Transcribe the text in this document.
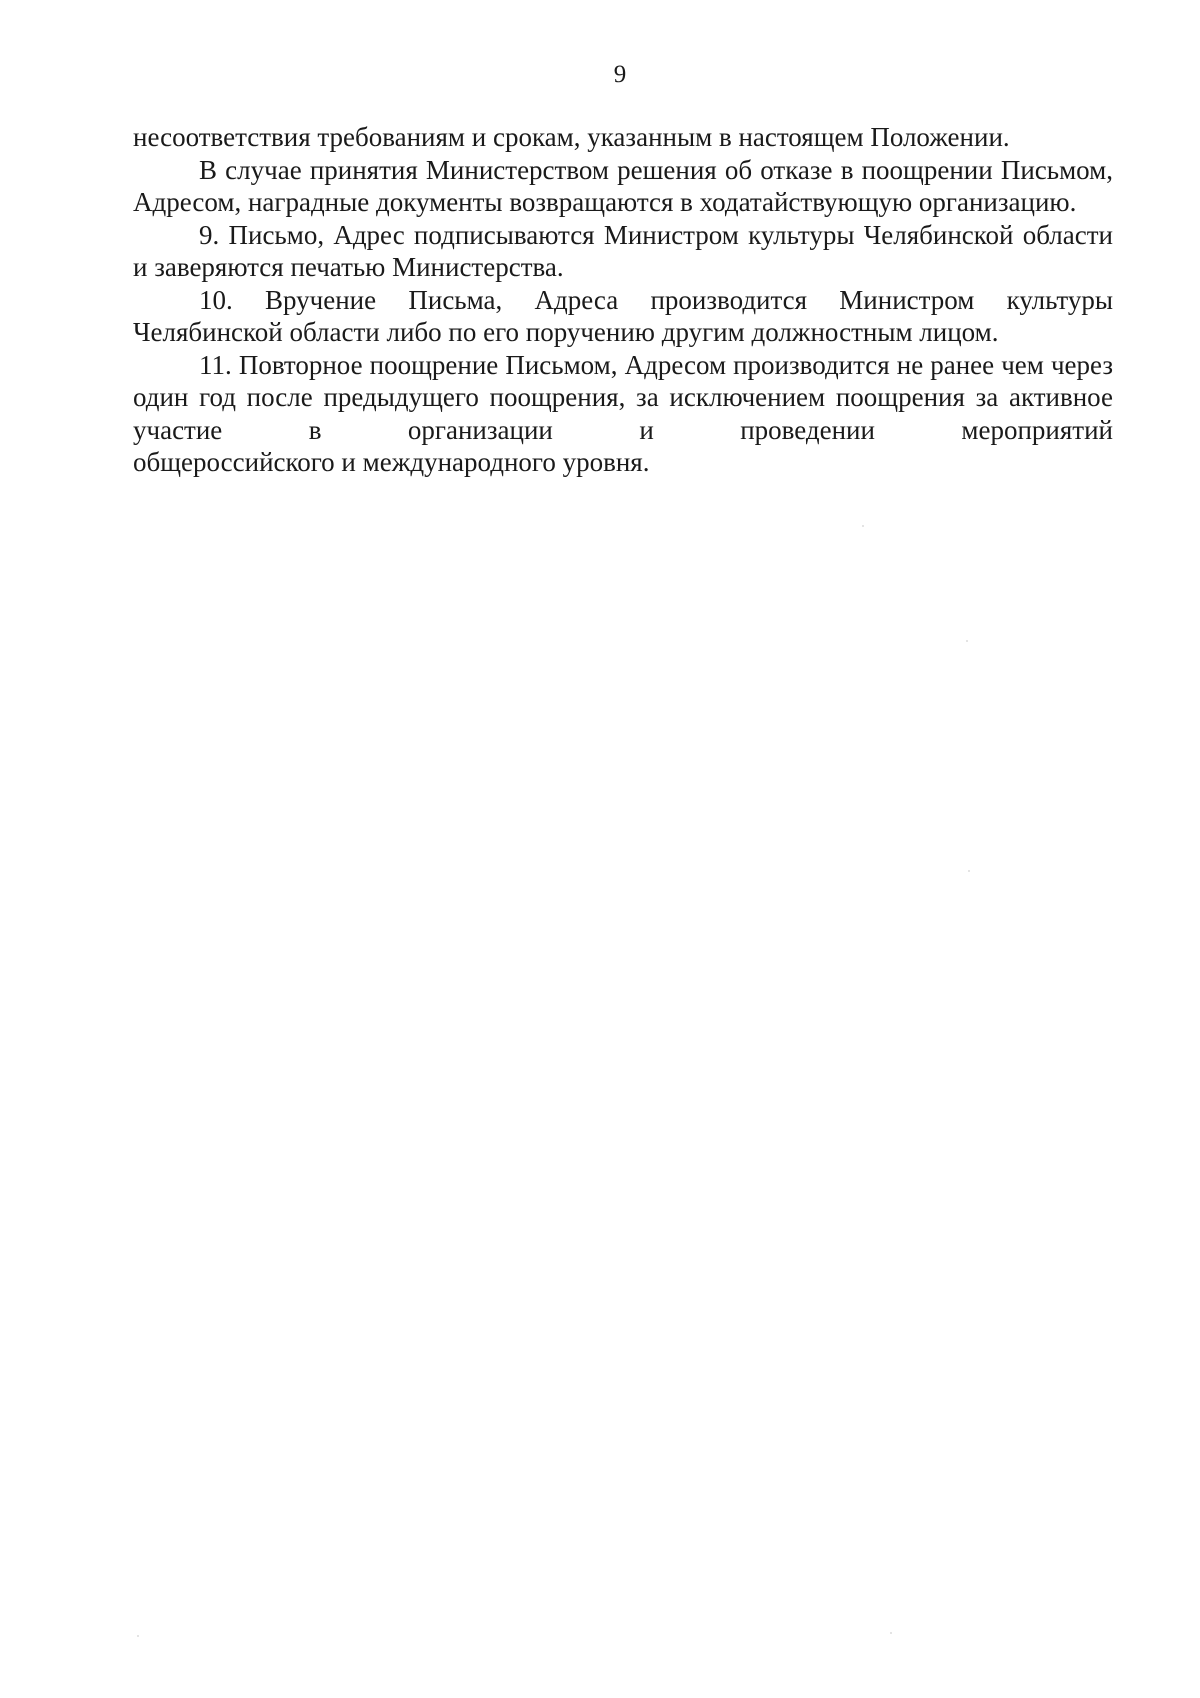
9

несоответствия требованиям и срокам, указанным в настоящем Положении.

В случае принятия Министерством решения об отказе в поощрении Письмом, Адресом, наградные документы возвращаются в ходатайствующую организацию.

9. Письмо, Адрес подписываются Министром культуры Челябинской области и заверяются печатью Министерства.

10. Вручение Письма, Адреса производится Министром культуры Челябинской области либо по его поручению другим должностным лицом.

11. Повторное поощрение Письмом, Адресом производится не ранее чем через один год после предыдущего поощрения, за исключением поощрения за активное участие в организации и проведении мероприятий

общероссийского и международного уровня.
